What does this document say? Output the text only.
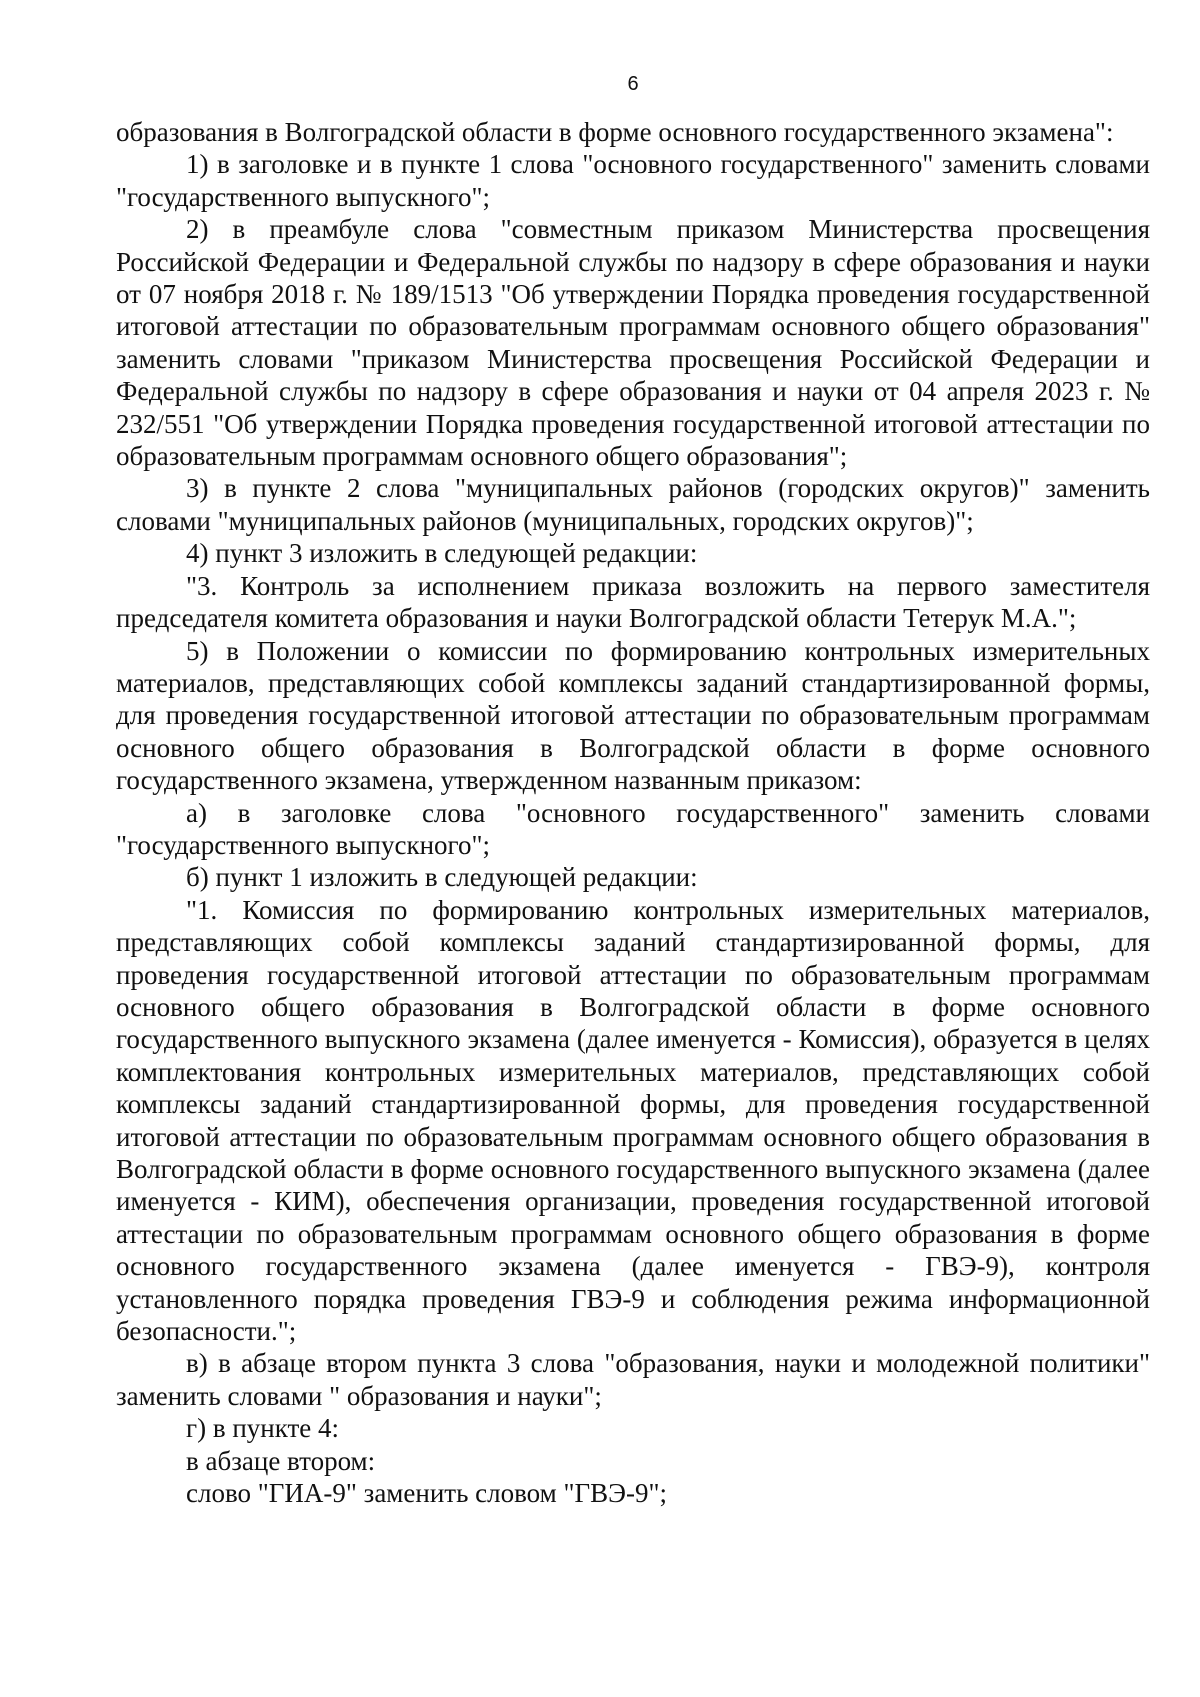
6

образования в Волгоградской области в форме основного государственного экзамена":

1) в заголовке и в пункте 1 слова "основного государственного" заменить словами "государственного выпускного";

2) в преамбуле слова "совместным приказом Министерства просвещения Российской Федерации и Федеральной службы по надзору в сфере образования и науки от 07 ноября 2018 г. № 189/1513 "Об утверждении Порядка проведения государственной итоговой аттестации по образовательным программам основного общего образования" заменить словами "приказом Министерства просвещения Российской Федерации и Федеральной службы по надзору в сфере образования и науки от 04 апреля 2023 г. № 232/551 "Об утверждении Порядка проведения государственной итоговой аттестации по образовательным программам основного общего образования";

3) в пункте 2 слова "муниципальных районов (городских округов)" заменить словами "муниципальных районов (муниципальных, городских округов)";

4) пункт 3 изложить в следующей редакции:

"3. Контроль за исполнением приказа возложить на первого заместителя председателя комитета образования и науки Волгоградской области Тетерук М.А.";

5) в Положении о комиссии по формированию контрольных измерительных материалов, представляющих собой комплексы заданий стандартизированной формы, для проведения государственной итоговой аттестации по образовательным программам основного общего образования в Волгоградской области в форме основного государственного экзамена, утвержденном названным приказом:

а) в заголовке слова "основного государственного" заменить словами "государственного выпускного";

б) пункт 1 изложить в следующей редакции:

"1. Комиссия по формированию контрольных измерительных материалов, представляющих собой комплексы заданий стандартизированной формы, для проведения государственной итоговой аттестации по образовательным программам основного общего образования в Волгоградской области в форме основного государственного выпускного экзамена (далее именуется - Комиссия), образуется в целях комплектования контрольных измерительных материалов, представляющих собой комплексы заданий стандартизированной формы, для проведения государственной итоговой аттестации по образовательным программам основного общего образования в Волгоградской области в форме основного государственного выпускного экзамена (далее именуется - КИМ), обеспечения организации, проведения государственной итоговой аттестации по образовательным программам основного общего образования в форме основного государственного экзамена (далее именуется - ГВЭ-9), контроля установленного порядка проведения ГВЭ-9 и соблюдения режима информационной безопасности.";

в) в абзаце втором пункта 3 слова "образования, науки и молодежной политики" заменить словами " образования и науки";

г) в пункте 4:

в абзаце втором:

слово "ГИА-9" заменить словом "ГВЭ-9";
